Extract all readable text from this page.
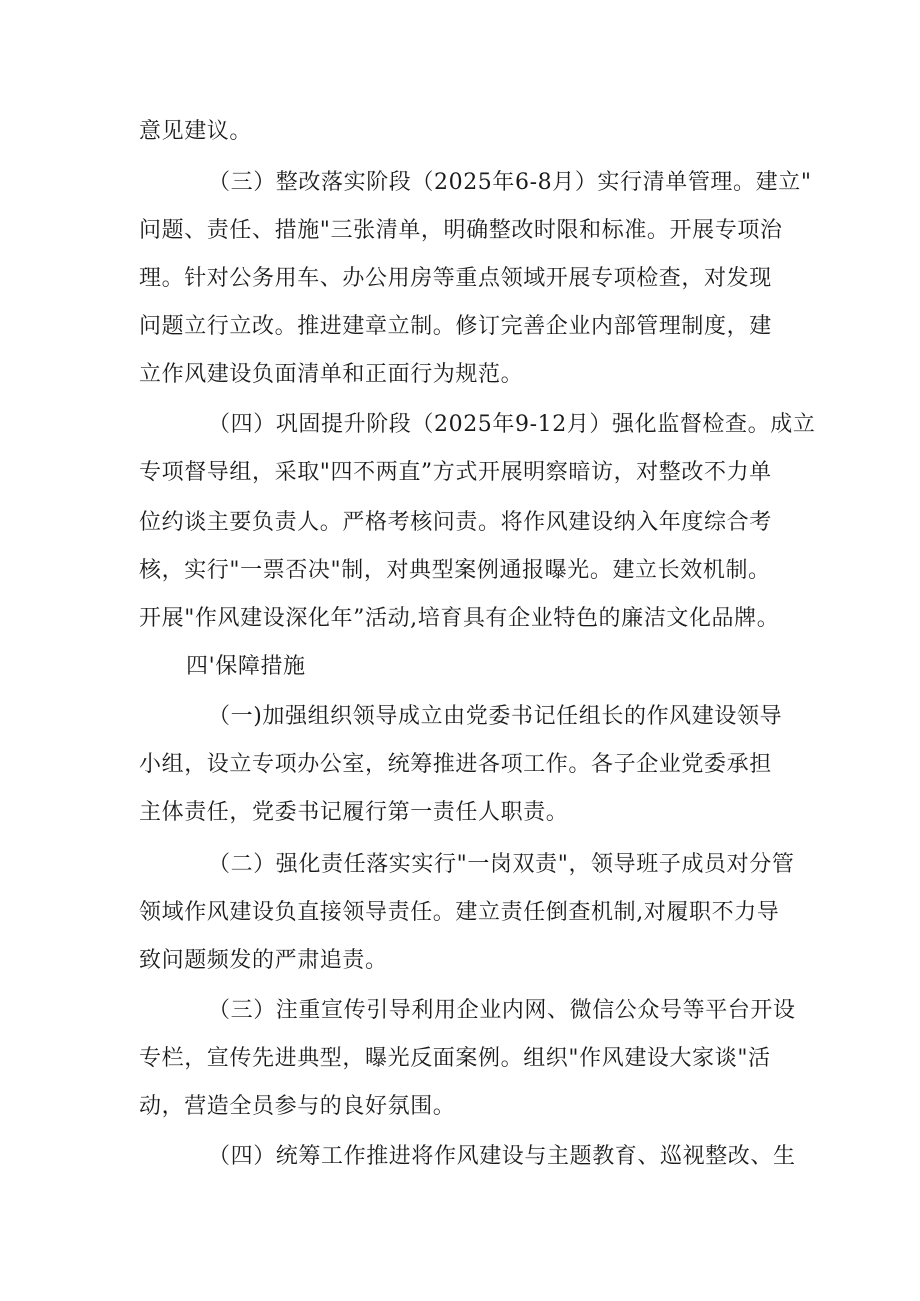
意见建议。
（三）整改落实阶段（2025年6-8月）实行清单管理。建立"
问题、责任、措施"三张清单，明确整改时限和标准。开展专项治
理。针对公务用车、办公用房等重点领域开展专项检查，对发现
问题立行立改。推进建章立制。修订完善企业内部管理制度，建
立作风建设负面清单和正面行为规范。
（四）巩固提升阶段（2025年9-12月）强化监督检查。成立
专项督导组，采取"四不两直”方式开展明察暗访，对整改不力单
位约谈主要负责人。严格考核问责。将作风建设纳入年度综合考
核，实行"一票否决"制，对典型案例通报曝光。建立长效机制。
开展"作风建设深化年”活动,培育具有企业特色的廉洁文化品牌。
四'保障措施
（一)加强组织领导成立由党委书记任组长的作风建设领导
小组，设立专项办公室，统筹推进各项工作。各子企业党委承担
主体责任，党委书记履行第一责任人职责。
（二）强化责任落实实行"一岗双责"，领导班子成员对分管
领域作风建设负直接领导责任。建立责任倒查机制,对履职不力导
致问题频发的严肃追责。
（三）注重宣传引导利用企业内网、微信公众号等平台开设
专栏，宣传先进典型，曝光反面案例。组织"作风建设大家谈"活
动，营造全员参与的良好氛围。
（四）统筹工作推进将作风建设与主题教育、巡视整改、生
